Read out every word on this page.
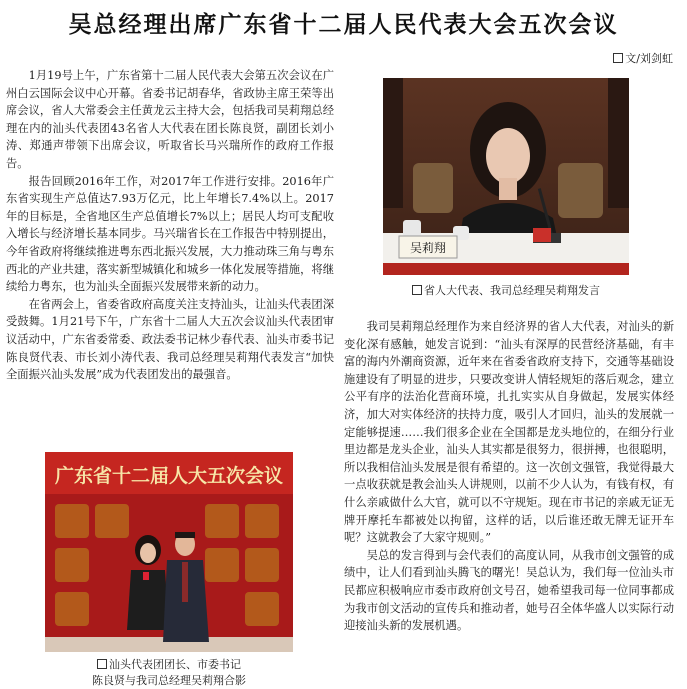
吴总经理出席广东省十二届人民代表大会五次会议
文/刘剑虹

1月19号上午，广东省第十二届人民代表大会第五次会议在广州白云国际会议中心开幕。省委书记胡春华，省政协主席王荣等出席会议，省人大常委会主任黄龙云主持大会，包括我司吴莉翔总经理在内的汕头代表团43名省人大代表在团长陈良贤，副团长刘小涛、郑通声带领下出席会议，听取省长马兴瑞所作的政府工作报告。

报告回顾2016年工作，对2017年工作进行安排。2016年广东省实现生产总值达7.93万亿元，比上年增长7.4%以上。2017年的目标是，全省地区生产总值增长7%以上；居民人均可支配收入增长与经济增长基本同步。马兴瑞省长在工作报告中特别提出，今年省政府将继续推进粤东西北振兴发展，大力推动珠三角与粤东西北的产业共建，落实新型城镇化和城乡一体化发展等措施，将继续给力粤东，也为汕头全面振兴发展带来新的动力。

在省两会上，省委省政府高度关注支持汕头，让汕头代表团深受鼓舞。1月21号下午，广东省十二届人大五次会议汕头代表团审议活动中，广东省委常委、政法委书记林少春代表、汕头市委书记陈良贤代表、市长刘小涛代表、我司总经理吴莉翔代表发言“加快全面振兴汕头发展”成为代表团发出的最强音。

吴莉翔
省人大代表、我司总经理吴莉翔发言

我司吴莉翔总经理作为来自经济界的省人大代表，对汕头的新变化深有感触，她发言说到：“汕头有深厚的民营经济基础，有丰富的海内外潮商资源，近年来在省委省政府支持下，交通等基础设施建设有了明显的进步，只要改变讲人情轻规矩的落后观念，建立公平有序的法治化营商环境，扎扎实实从自身做起，发展实体经济，加大对实体经济的扶持力度，吸引人才回归，汕头的发展就一定能够提速……我们很多企业在全国都是龙头地位的，在细分行业里边都是龙头企业，汕头人其实都是很努力，很拼搏，也很聪明，所以我相信汕头发展是很有希望的。这一次创文强管，我觉得最大一点收获就是教会汕头人讲规则，以前不少人认为，有钱有权，有什么亲戚做什么大官，就可以不守规矩。现在市书记的亲戚无证无牌开摩托车都被处以拘留，这样的话，以后谁还敢无牌无证开车呢？这就教会了大家守规则。”

吴总的发言得到与会代表们的高度认同，从我市创文强管的成绩中，让人们看到汕头腾飞的曙光！吴总认为，我们每一位汕头市民都应积极响应市委市政府创文号召，她希望我司每一位同事都成为我市创文活动的宣传兵和推动者，她号召全体华盛人以实际行动迎接汕头新的发展机遇。

广东省十二届人大五次会议
汕头代表团团长、市委书记
陈良贤与我司总经理吴莉翔合影
